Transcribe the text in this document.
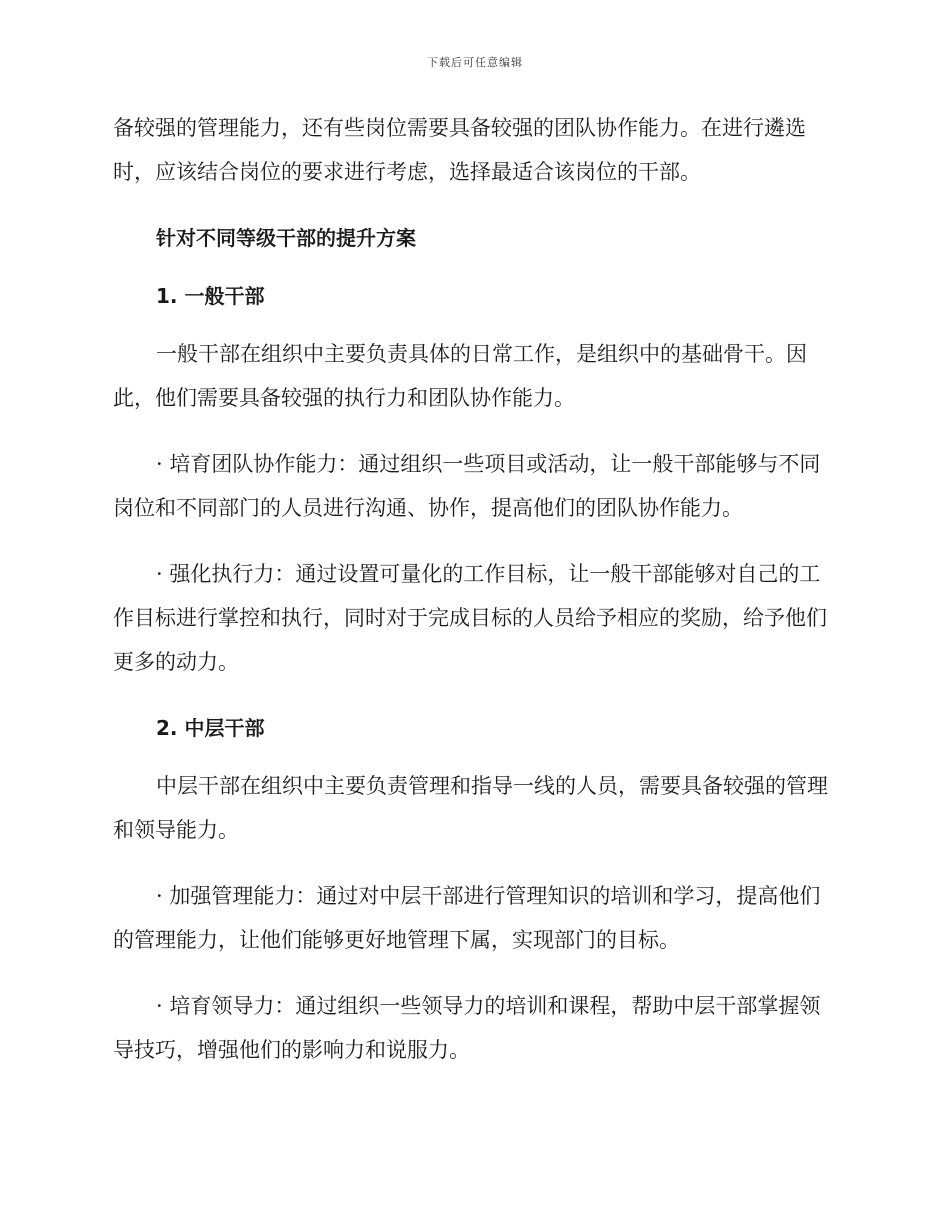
下载后可任意编辑

备较强的管理能力，还有些岗位需要具备较强的团队协作能力。在进行遴选时，应该结合岗位的要求进行考虑，选择最适合该岗位的干部。

针对不同等级干部的提升方案
1. 一般干部

一般干部在组织中主要负责具体的日常工作，是组织中的基础骨干。因此，他们需要具备较强的执行力和团队协作能力。

· 培育团队协作能力：通过组织一些项目或活动，让一般干部能够与不同岗位和不同部门的人员进行沟通、协作，提高他们的团队协作能力。

· 强化执行力：通过设置可量化的工作目标，让一般干部能够对自己的工作目标进行掌控和执行，同时对于完成目标的人员给予相应的奖励，给予他们更多的动力。

2. 中层干部

中层干部在组织中主要负责管理和指导一线的人员，需要具备较强的管理和领导能力。

· 加强管理能力：通过对中层干部进行管理知识的培训和学习，提高他们的管理能力，让他们能够更好地管理下属，实现部门的目标。

· 培育领导力：通过组织一些领导力的培训和课程，帮助中层干部掌握领导技巧，增强他们的影响力和说服力。
